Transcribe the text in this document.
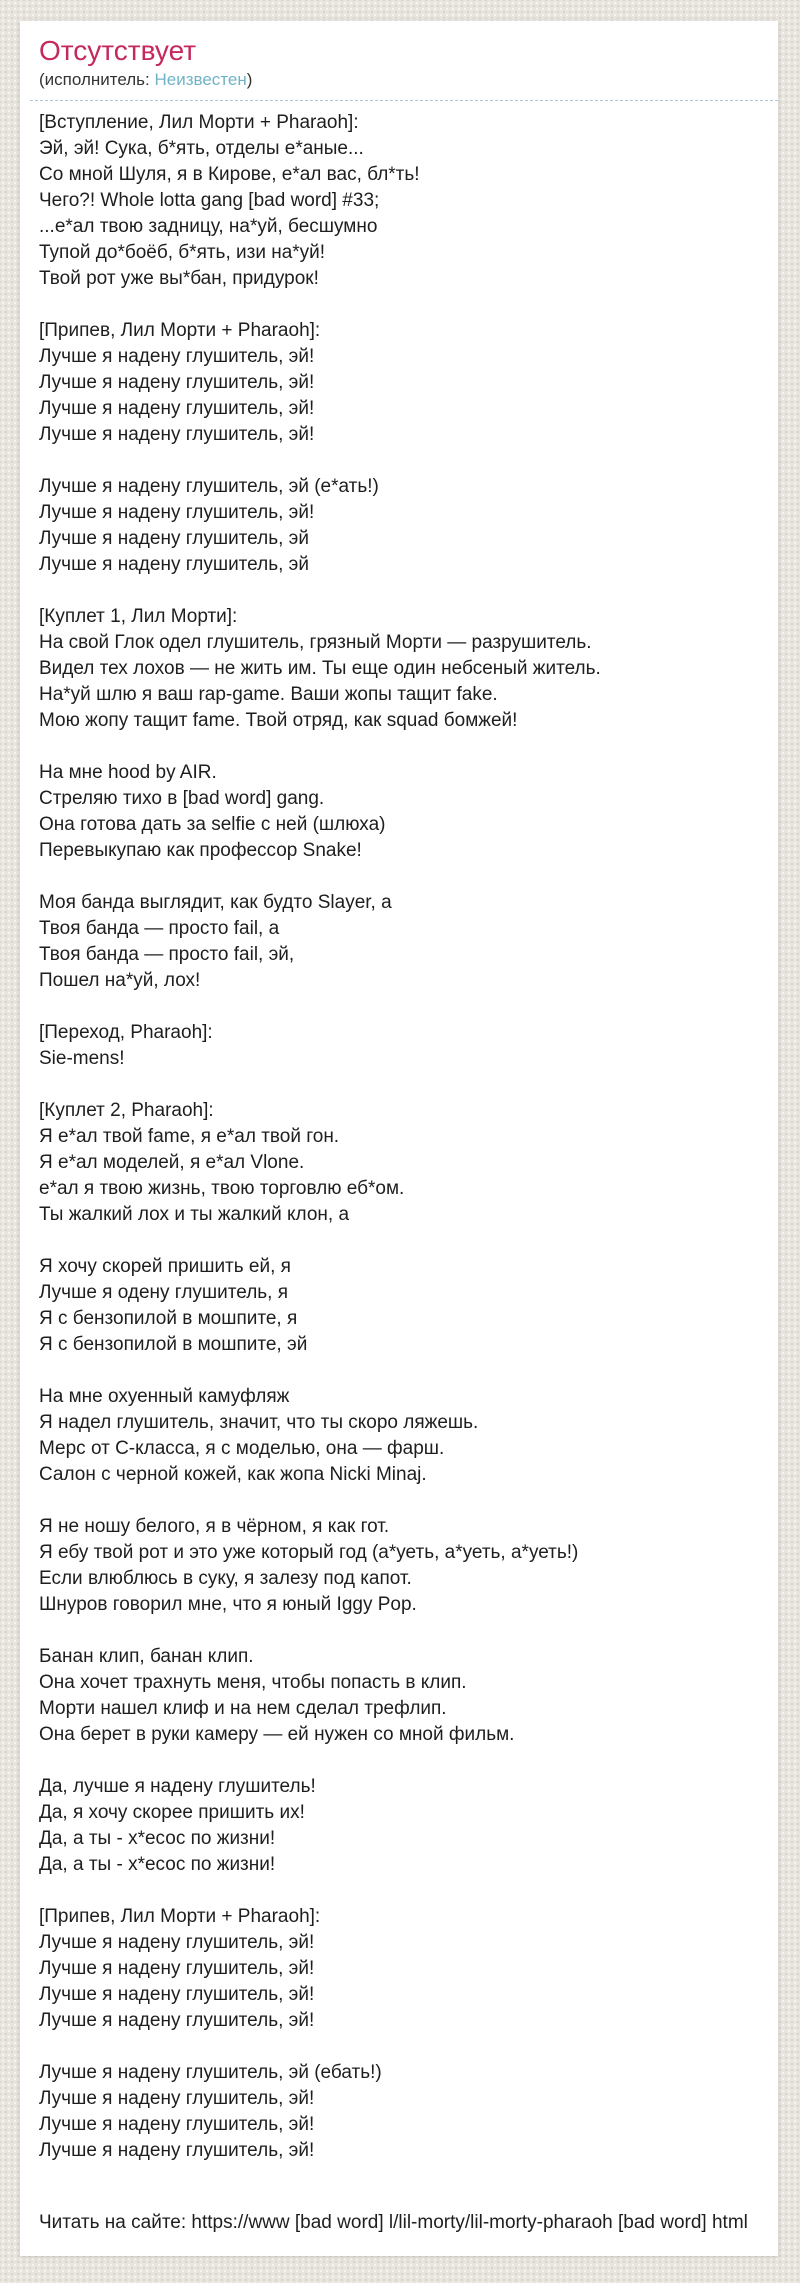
Отсутствует
(исполнитель: Неизвестен)
[Вступление, Лил Морти + Pharaoh]:
Эй, эй! Сука, б*ять, отделы е*аные...
Со мной Шуля, я в Кирове, е*ал вас, бл*ть!
Чего?! Whole lotta gang [bad word] #33;
...е*ал твою задницу, на*уй, бесшумно
Тупой до*боёб, б*ять, изи на*уй!
Твой рот уже вы*бан, придурок!
[Припев, Лил Морти + Pharaoh]:
Лучше я надену глушитель, эй!
Лучше я надену глушитель, эй!
Лучше я надену глушитель, эй!
Лучше я надену глушитель, эй!
Лучше я надену глушитель, эй (е*ать!)
Лучше я надену глушитель, эй!
Лучше я надену глушитель, эй
Лучше я надену глушитель, эй
[Куплет 1, Лил Морти]:
На свой Глок одел глушитель, грязный Морти — разрушитель.
Видел тех лохов — не жить им. Ты еще один небсеный житель.
На*уй шлю я ваш rap-game. Ваши жопы тащит fake.
Мою жопу тащит fame. Твой отряд, как squad бомжей!
На мне hood by AIR.
Стреляю тихо в [bad word] gang.
Она готова дать за selfie с ней (шлюха)
Перевыкупаю как профессор Snake!
Моя банда выглядит, как будто Slayer, а
Твоя банда — просто fail, а
Твоя банда — просто fail, эй,
Пошел на*уй, лох!
[Переход, Pharaoh]:
Sie-mens!
[Куплет 2, Pharaoh]:
Я е*ал твой fame, я е*ал твой гон.
Я е*ал моделей, я е*ал Vlone.
е*ал я твою жизнь, твою торговлю еб*ом.
Ты жалкий лох и ты жалкий клон, а
Я хочу скорей пришить ей, я
Лучше я одену глушитель, я
Я с бензопилой в мошпите, я
Я с бензопилой в мошпите, эй
На мне охуенный камуфляж
Я надел глушитель, значит, что ты скоро ляжешь.
Мерс от С-класса, я с моделью, она — фарш.
Салон с черной кожей, как жопа Nicki Minaj.
Я не ношу белого, я в чёрном, я как гот.
Я ебу твой рот и это уже который год (а*уеть, а*уеть, а*уеть!)
Если влюблюсь в суку, я залезу под капот.
Шнуров говорил мне, что я юный Iggy Pop.
Банан клип, банан клип.
Она хочет трахнуть меня, чтобы попасть в клип.
Морти нашел клиф и на нем сделал трефлип.
Она берет в руки камеру — ей нужен со мной фильм.
Да, лучше я надену глушитель!
Да, я хочу скорее пришить их!
Да, а ты - х*есос по жизни!
Да, а ты - х*есос по жизни!
[Припев, Лил Морти + Pharaoh]:
Лучше я надену глушитель, эй!
Лучше я надену глушитель, эй!
Лучше я надену глушитель, эй!
Лучше я надену глушитель, эй!
Лучше я надену глушитель, эй (ебать!)
Лучше я надену глушитель, эй!
Лучше я надену глушитель, эй!
Лучше я надену глушитель, эй!
Читать на сайте: https://www [bad word] l/lil-morty/lil-morty-pharaoh [bad word] html
